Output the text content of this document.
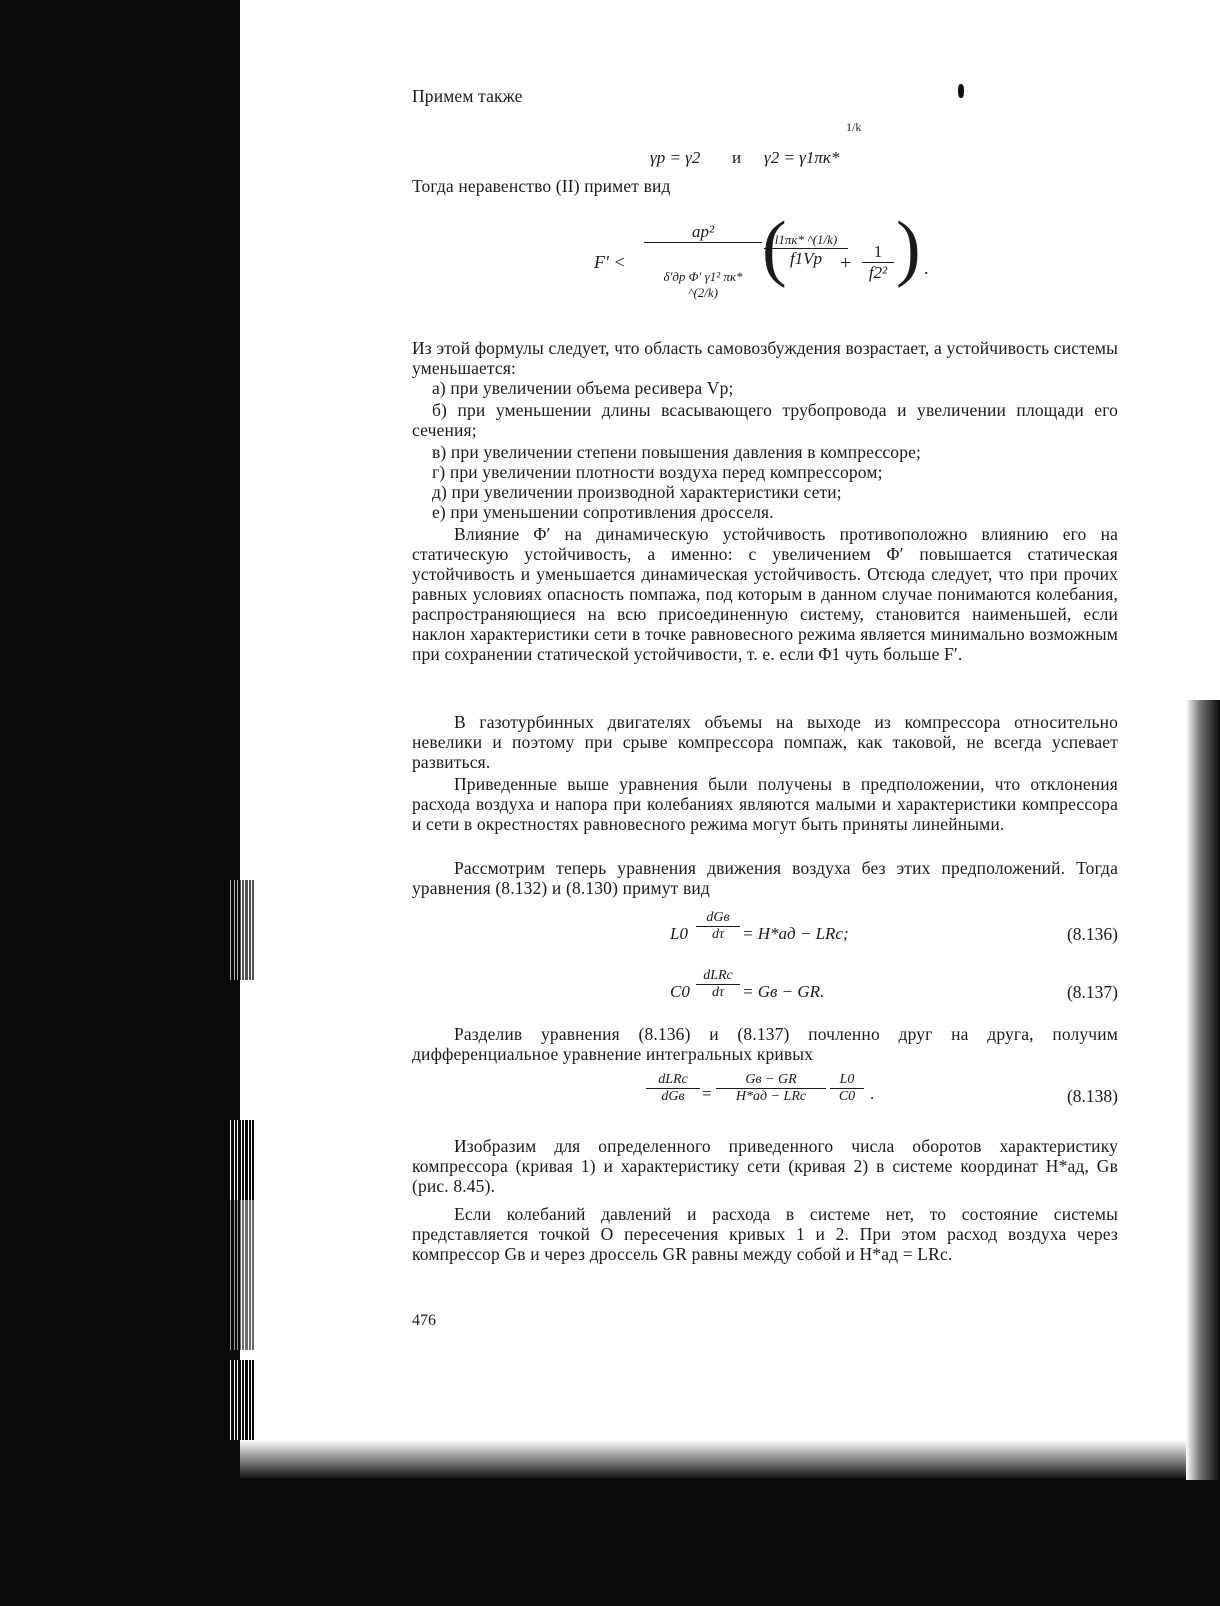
Примем также

γр = γ2 и γ2 = γ1πк*
1/k

Тогда неравенство (II) примет вид

F′ <
ap²
δ′др Φ′ γ1² πк* ^(2/k)
(
l1πк* ^(1/k)
$f1Vр + \frac{1}{\text{f2²}}$ ) .

Из этой формулы следует, что область самовозбуждения возрастает, а устойчивость системы уменьшается:

а) при увеличении объема ресивера Vр;

б) при уменьшении длины всасывающего трубопровода и увеличении площади его сечения;

в) при увеличении степени повышения давления в компрессоре;

г) при увеличении плотности воздуха перед компрессором;

д) при увеличении производной характеристики сети;

е) при уменьшении сопротивления дросселя.

Влияние Φ′ на динамическую устойчивость противоположно влиянию его на статическую устойчивость, а именно: с увеличением Φ′ повышается статическая устойчивость и уменьшается динамическая устойчивость. Отсюда следует, что при прочих равных условиях опасность помпажа, под которым в данном случае понимаются колебания, распространяющиеся на всю присоединенную систему, становится наименьшей, если наклон характеристики сети в точке равновесного режима является минимально возможным при сохранении статической устойчивости, т. е. если Φ1 чуть больше F′.

В газотурбинных двигателях объемы на выходе из компрессора относительно невелики и поэтому при срыве компрессора помпаж, как таковой, не всегда успевает развиться.

Приведенные выше уравнения были получены в предположении, что отклонения расхода воздуха и напора при колебаниях являются малыми и характеристики компрессора и сети в окрестностях равновесного режима могут быть приняты линейными.

Рассмотрим теперь уравнения движения воздуха без этих предположений. Тогда уравнения (8.132) и (8.130) примут вид

L0
dGв
dτ	= H*ад − LRc;	(8.136)
C0
dLRc
dτ	= Gв − GR.	(8.137)

Разделив уравнения (8.136) и (8.137) почленно друг на друга, получим дифференциальное уравнение интегральных кривых

dLRc
dGв	=
Gв − GR
H*ад − LRc	$\frac{L0}{C0}$ .	(8.138)

Изобразим для определенного приведенного числа оборотов характеристику компрессора (кривая 1) и характеристику сети (кривая 2) в системе координат H*ад, Gв (рис. 8.45).

Если колебаний давлений и расхода в системе нет, то состояние системы представляется точкой O пересечения кривых 1 и 2. При этом расход воздуха через компрессор Gв и через дроссель GR равны между собой и H*ад = LRc.

476
